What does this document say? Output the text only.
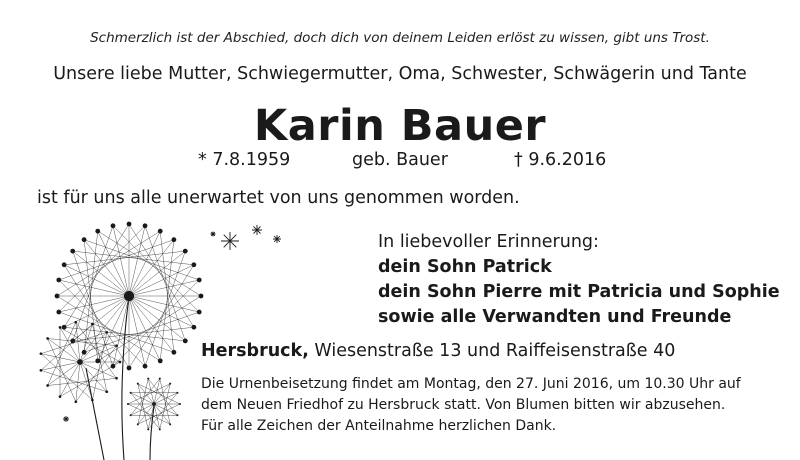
Schmerzlich ist der Abschied, doch dich von deinem Leiden erlöst zu wissen, gibt uns Trost.
Unsere liebe Mutter, Schwiegermutter, Oma, Schwester, Schwägerin und Tante
Karin Bauer
* 7.8.1959	geb. Bauer	† 9.6.2016
ist für uns alle unerwartet von uns genommen worden.
In liebevoller Erinnerung:
dein Sohn Patrick
dein Sohn Pierre mit Patricia und Sophie
sowie alle Verwandten und Freunde
Hersbruck, Wiesenstraße 13 und Raiffeisenstraße 40
Die Urnenbeisetzung findet am Montag, den 27. Juni 2016, um 10.30 Uhr auf
dem Neuen Friedhof zu Hersbruck statt. Von Blumen bitten wir abzusehen.
Für alle Zeichen der Anteilnahme herzlichen Dank.
